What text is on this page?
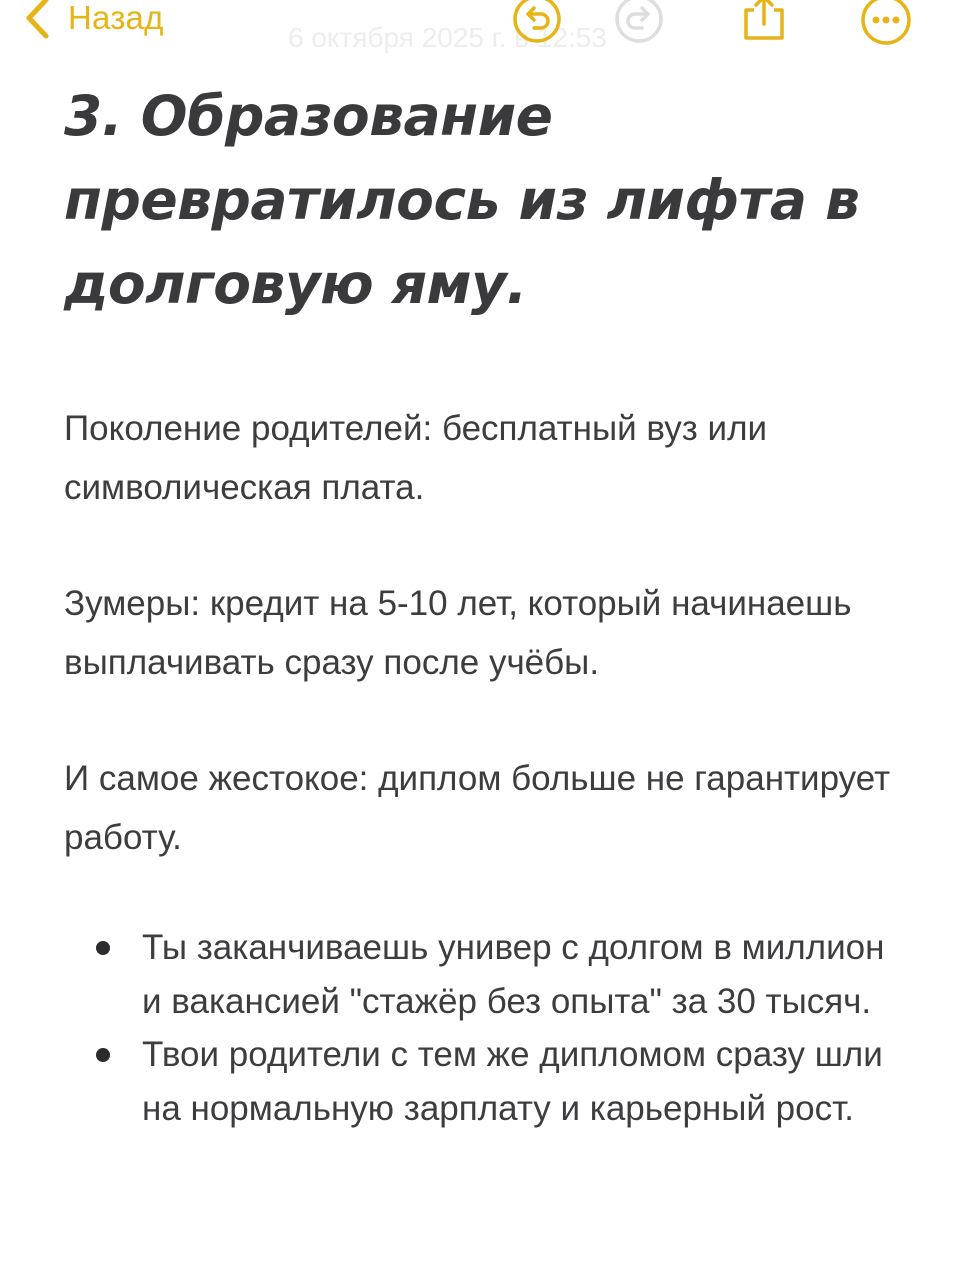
Назад
6 октября 2025 г. в 12:53
3. Образование превратилось из лифта в долговую яму.

Поколение родителей: бесплатный вуз или символическая плата.

Зумеры: кредит на 5-10 лет, который начинаешь выплачивать сразу после учёбы.

И самое жестокое: диплом больше не гарантирует работу.

Ты заканчиваешь универ с долгом в миллион и вакансией "стажёр без опыта" за 30 тысяч.
Твои родители с тем же дипломом сразу шли на нормальную зарплату и карьерный рост.
